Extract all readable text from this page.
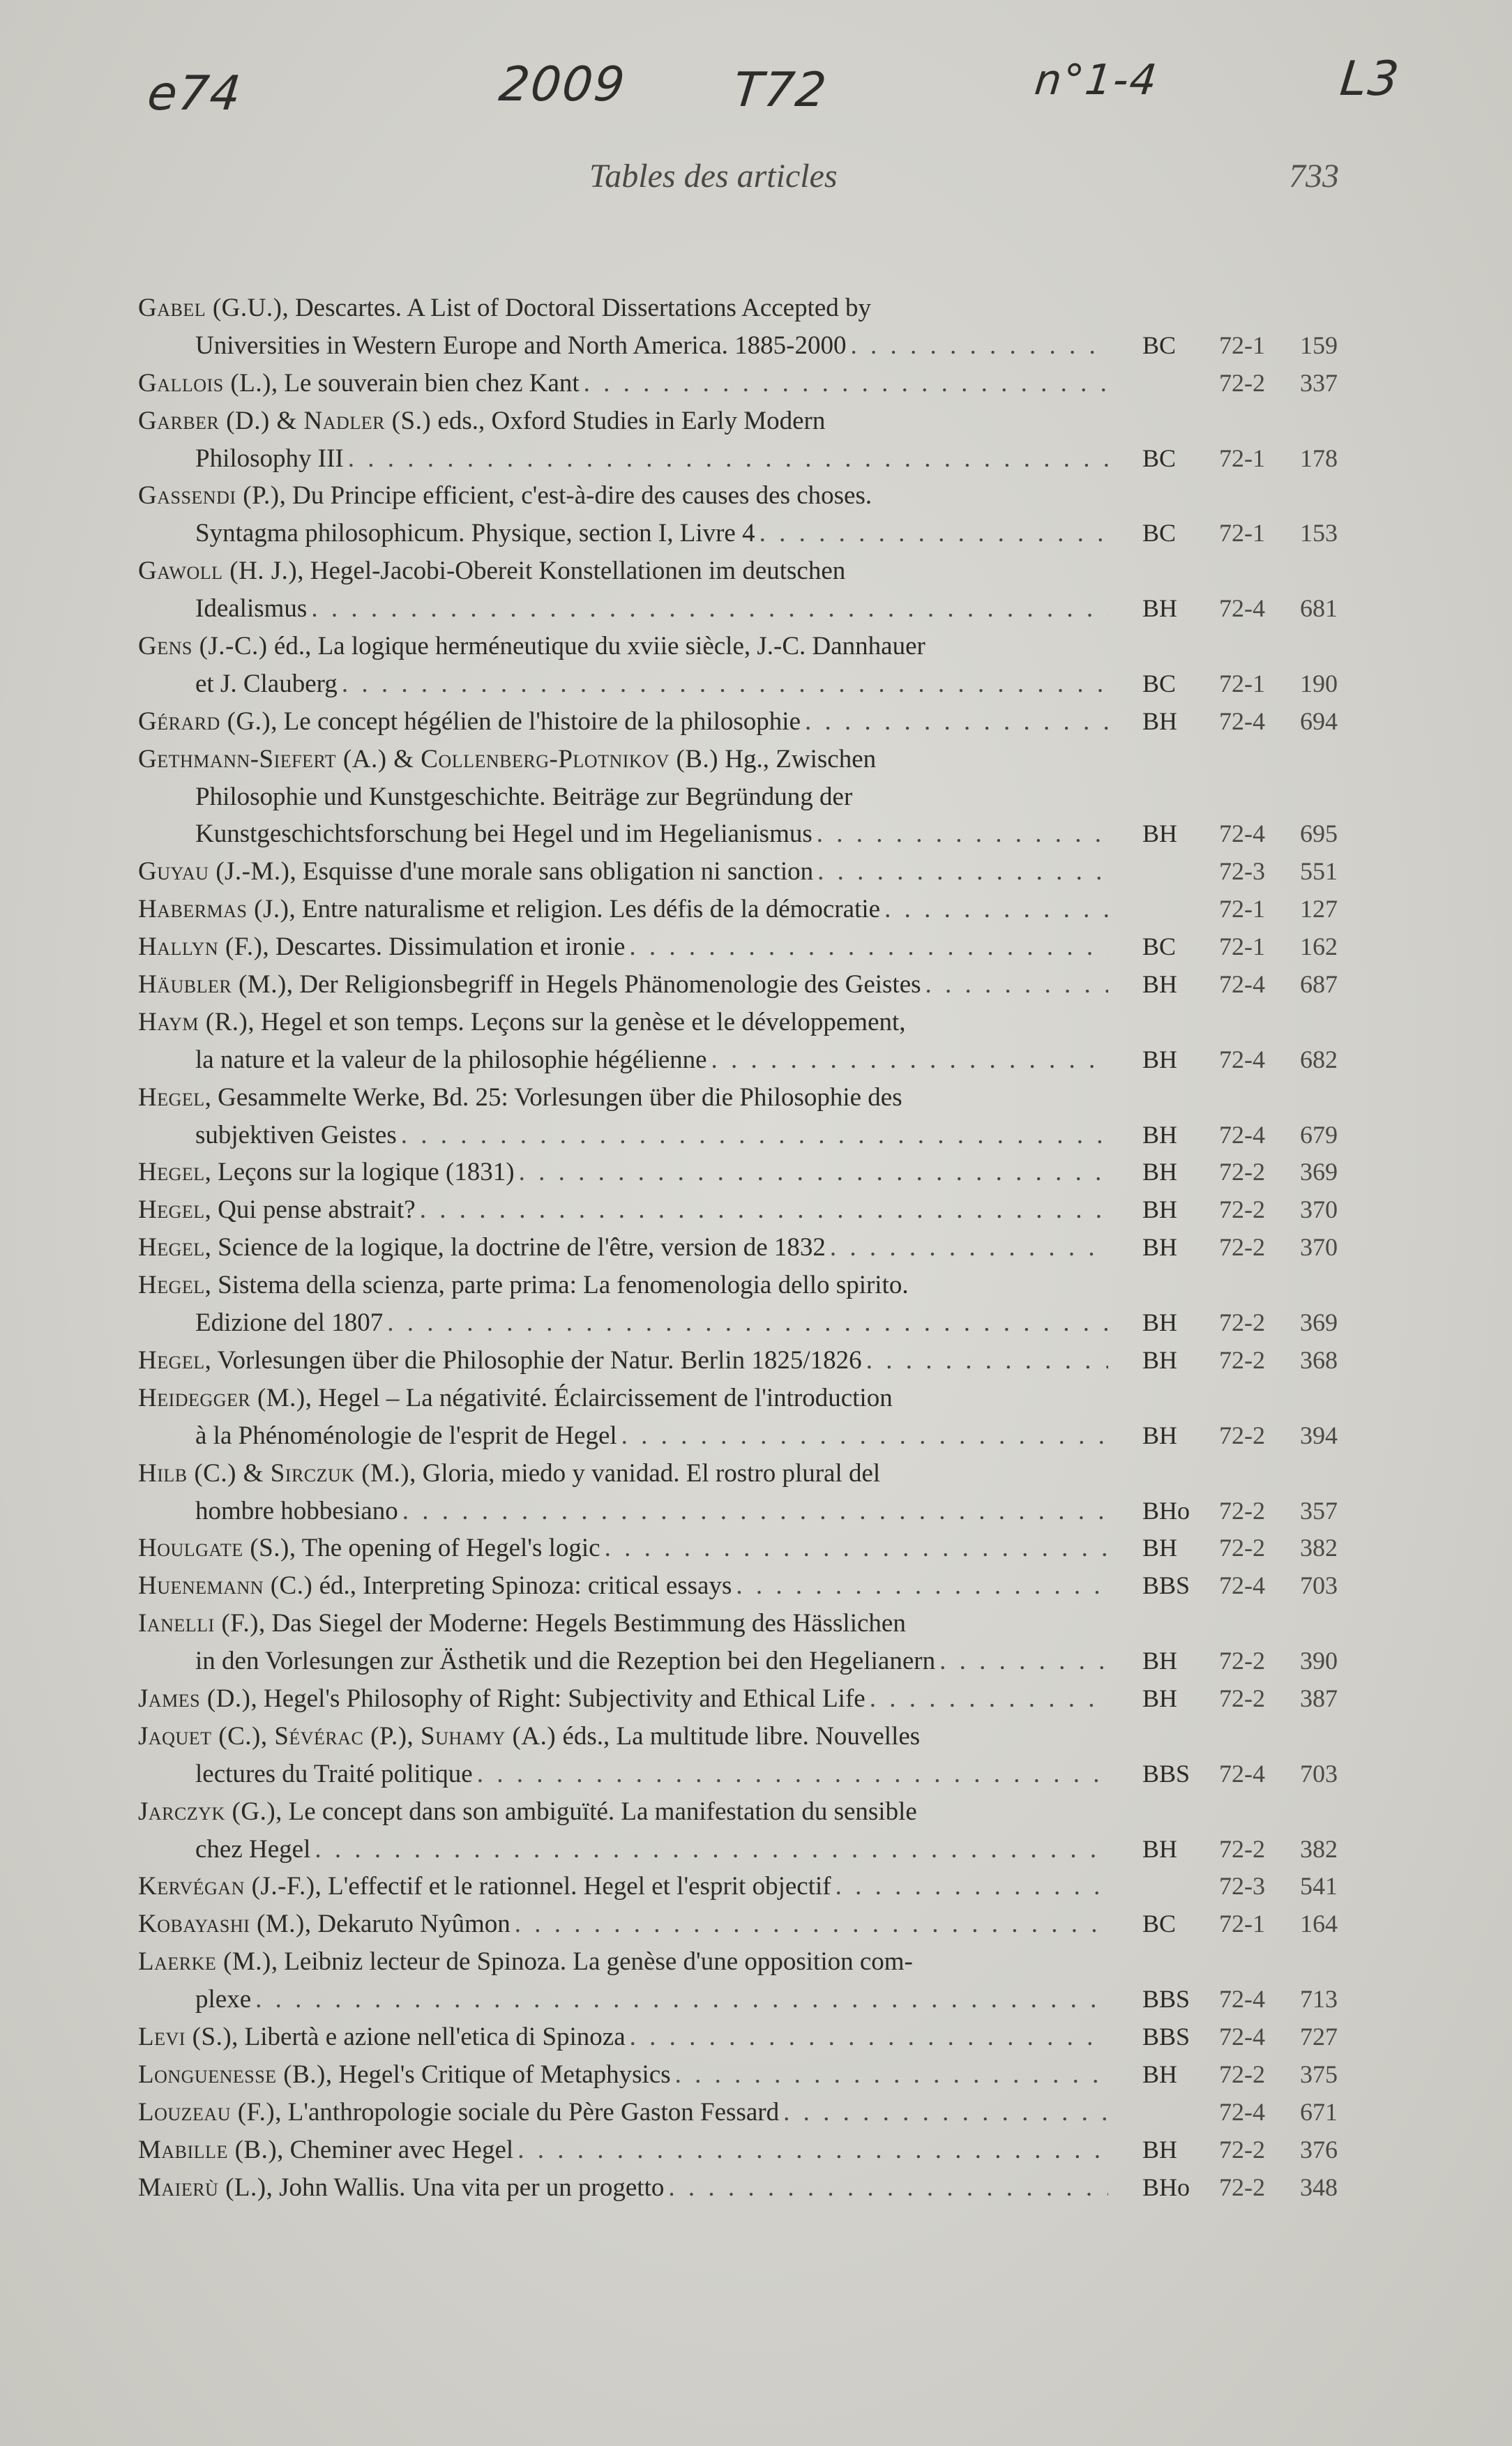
e74	2009 T72	n°1-4	L3
Tables des articles	733
Gabel (G.U.), Descartes. A List of Doctoral Dissertations Accepted by
Universities in Western Europe and North America. 1885-2000 . . .	BC	72-1	159
Gallois (L.), Le souverain bien chez Kant . . .	72-2	337
Garber (D.) & Nadler (S.) eds., Oxford Studies in Early Modern
Philosophy III . . .	BC	72-1	178
Gassendi (P.), Du Principe efficient, c'est-à-dire des causes des choses.
Syntagma philosophicum. Physique, section I, Livre 4 . . .	BC	72-1	153
Gawoll (H. J.), Hegel-Jacobi-Obereit Konstellationen im deutschen
Idealismus . . .	BH	72-4	681
Gens (J.-C.) éd., La logique herméneutique du xviie siècle, J.-C. Dannhauer
et J. Clauberg . . .	BC	72-1	190
Gérard (G.), Le concept hégélien de l'histoire de la philosophie . . .	BH	72-4	694
Gethmann-Siefert (A.) & Collenberg-Plotnikov (B.) Hg., Zwischen
Philosophie und Kunstgeschichte. Beiträge zur Begründung der
Kunstgeschichtsforschung bei Hegel und im Hegelianismus . . .	BH	72-4	695
Guyau (J.-M.), Esquisse d'une morale sans obligation ni sanction . . .	72-3	551
Habermas (J.), Entre naturalisme et religion. Les défis de la démocratie . . .	72-1	127
Hallyn (F.), Descartes. Dissimulation et ironie . . .	BC	72-1	162
Häubler (M.), Der Religionsbegriff in Hegels Phänomenologie des Geistes . . .	BH	72-4	687
Haym (R.), Hegel et son temps. Leçons sur la genèse et le développement,
la nature et la valeur de la philosophie hégélienne . . .	BH	72-4	682
Hegel, Gesammelte Werke, Bd. 25: Vorlesungen über die Philosophie des
subjektiven Geistes . . .	BH	72-4	679
Hegel, Leçons sur la logique (1831) . . .	BH	72-2	369
Hegel, Qui pense abstrait? . . .	BH	72-2	370
Hegel, Science de la logique, la doctrine de l'être, version de 1832 . . .	BH	72-2	370
Hegel, Sistema della scienza, parte prima: La fenomenologia dello spirito.
Edizione del 1807 . . .	BH	72-2	369
Hegel, Vorlesungen über die Philosophie der Natur. Berlin 1825/1826 . . .	BH	72-2	368
Heidegger (M.), Hegel – La négativité. Éclaircissement de l'introduction
à la Phénoménologie de l'esprit de Hegel . . .	BH	72-2	394
Hilb (C.) & Sirczuk (M.), Gloria, miedo y vanidad. El rostro plural del
hombre hobbesiano . . .	BHo	72-2	357
Houlgate (S.), The opening of Hegel's logic . . .	BH	72-2	382
Huenemann (C.) éd., Interpreting Spinoza: critical essays . . .	BBS	72-4	703
Ianelli (F.), Das Siegel der Moderne: Hegels Bestimmung des Hässlichen
in den Vorlesungen zur Ästhetik und die Rezeption bei den Hegelianern . . .	BH	72-2	390
James (D.), Hegel's Philosophy of Right: Subjectivity and Ethical Life . . .	BH	72-2	387
Jaquet (C.), Sévérac (P.), Suhamy (A.) éds., La multitude libre. Nouvelles
lectures du Traité politique . . .	BBS	72-4	703
Jarczyk (G.), Le concept dans son ambiguïté. La manifestation du sensible
chez Hegel . . .	BH	72-2	382
Kervégan (J.-F.), L'effectif et le rationnel. Hegel et l'esprit objectif . . .	72-3	541
Kobayashi (M.), Dekaruto Nyûmon . . .	BC	72-1	164
Laerke (M.), Leibniz lecteur de Spinoza. La genèse d'une opposition com-
plexe . . .	BBS	72-4	713
Levi (S.), Libertà e azione nell'etica di Spinoza . . .	BBS	72-4	727
Longuenesse (B.), Hegel's Critique of Metaphysics . . .	BH	72-2	375
Louzeau (F.), L'anthropologie sociale du Père Gaston Fessard . . .	72-4	671
Mabille (B.), Cheminer avec Hegel . . .	BH	72-2	376
Maierù (L.), John Wallis. Una vita per un progetto . . .	BHo	72-2	348
